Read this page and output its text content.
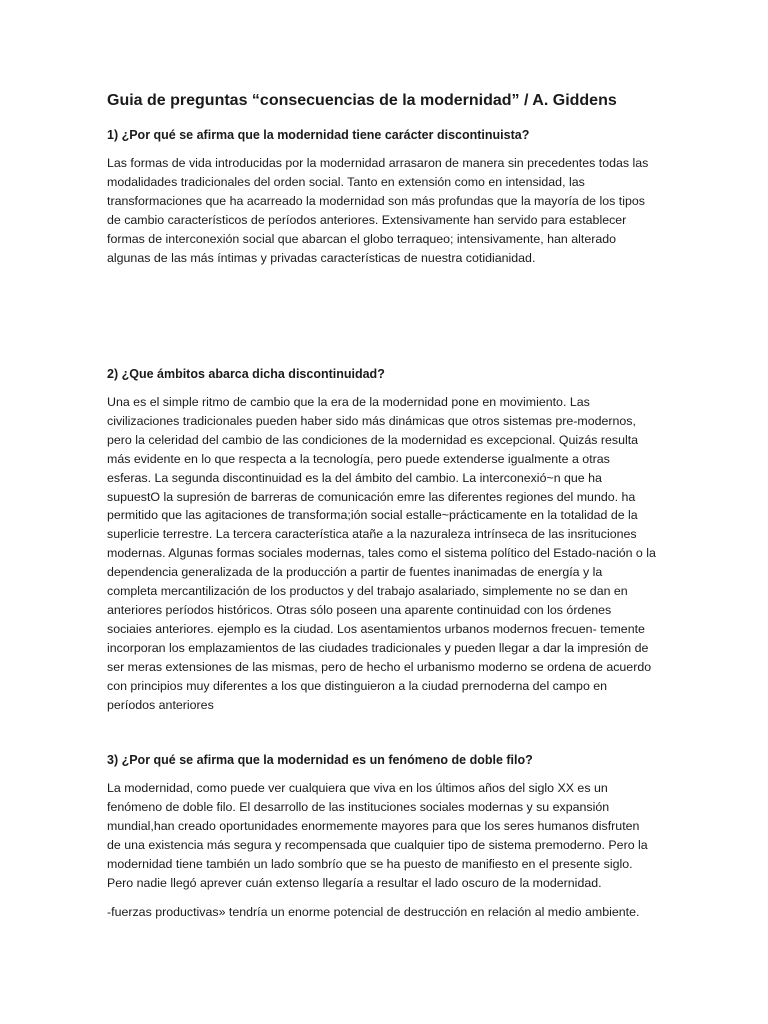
Guia de preguntas “consecuencias de la modernidad” / A. Giddens

1) ¿Por qué se afirma que la modernidad tiene carácter discontinuista?

Las formas de vida introducidas por la modernidad arrasaron de manera sin precedentes todas las
modalidades tradicionales del orden social. Tanto en extensión como en intensidad, las
transformaciones que ha acarreado la modernidad son más profundas que la mayoría de los tipos
de cambio característicos de períodos anteriores. Extensivamente han servido para establecer
formas de interconexión social que abarcan el globo terraqueo; intensivamente, han alterado
algunas de las más íntimas y privadas características de nuestra cotidianidad.

2) ¿Que ámbitos abarca dicha discontinuidad?

Una es el simple ritmo de cambio que la era de la modernidad pone en movimiento. Las
civilizaciones tradicionales pueden haber sido más dinámicas que otros sistemas pre-modernos,
pero la celeridad del cambio de las condiciones de la modernidad es excepcional. Quizás resulta
más evidente en lo que respecta a la tecnología, pero puede extenderse igualmente a otras
esferas. La segunda discontinuidad es la del ámbito del cambio. La interconexió~n que ha
supuestO la supresión de barreras de comunicación emre las diferentes regiones del mundo. ha
permitido que las agitaciones de transforma;ión social estalle~prácticamente en la totalidad de la
superlicie terrestre. La tercera característica atañe a la nazuraleza intrínseca de las insrituciones
modernas. Algunas formas sociales modernas, tales como el sistema político del Estado-nación o la
dependencia generalizada de la producción a partir de fuentes inanimadas de energía y la
completa mercantilización de los productos y del trabajo asalariado, simplemente no se dan en
anteriores períodos históricos. Otras sólo poseen una aparente continuidad con los órdenes
sociaies anteriores. ejemplo es la ciudad. Los asentamientos urbanos modernos frecuen- temente
incorporan los emplazamientos de las ciudades tradicionales y pueden llegar a dar la impresión de
ser meras extensiones de las mismas, pero de hecho el urbanismo moderno se ordena de acuerdo
con principios muy diferentes a los que distinguieron a la ciudad prernoderna del campo en
períodos anteriores

3) ¿Por qué se afirma que la modernidad es un fenómeno de doble filo?

La modernidad, como puede ver cualquiera que viva en los últimos años del siglo XX es un
fenómeno de doble filo. El desarrollo de las instituciones sociales modernas y su expansión
mundial,han creado oportunidades enormemente mayores para que los seres humanos disfruten
de una existencia más segura y recompensada que cualquier tipo de sistema premoderno. Pero la
modernidad tiene también un lado sombrío que se ha puesto de manifiesto en el presente siglo.
Pero nadie llegó aprever cuán extenso llegaría a resultar el lado oscuro de la modernidad.
-fuerzas productivas» tendría un enorme potencial de destrucción en relación al medio ambiente.
